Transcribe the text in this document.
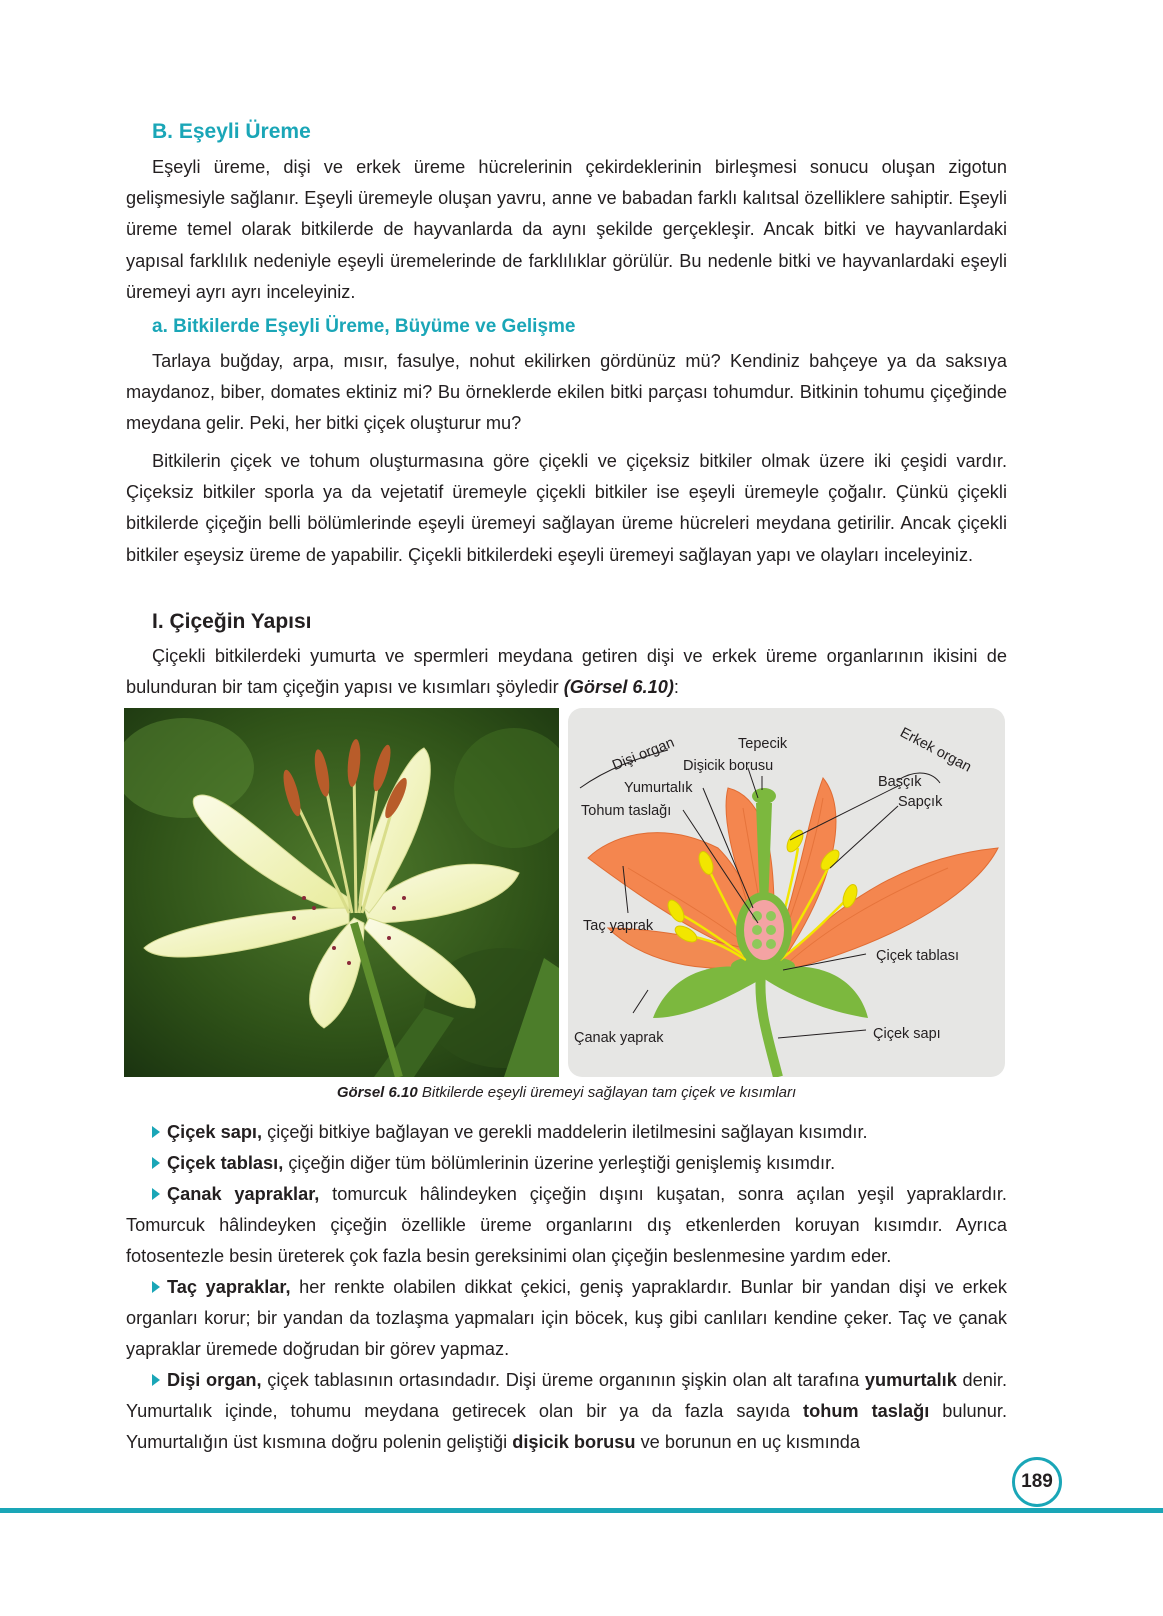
B. Eşeyli Üreme
Eşeyli üreme, dişi ve erkek üreme hücrelerinin çekirdeklerinin birleşmesi sonucu oluşan zigotun gelişmesiyle sağlanır. Eşeyli üremeyle oluşan yavru, anne ve babadan farklı kalıtsal özelliklere sahiptir. Eşeyli üreme temel olarak bitkilerde de hayvanlarda da aynı şekilde gerçekleşir. Ancak bitki ve hayvanlardaki yapısal farklılık nedeniyle eşeyli üremelerinde de farklılıklar görülür. Bu nedenle bitki ve hayvanlardaki eşeyli üremeyi ayrı ayrı inceleyiniz.
a. Bitkilerde Eşeyli Üreme, Büyüme ve Gelişme
Tarlaya buğday, arpa, mısır, fasulye, nohut ekilirken gördünüz mü? Kendiniz bahçeye ya da saksıya maydanoz, biber, domates ektiniz mi? Bu örneklerde ekilen bitki parçası tohumdur. Bitkinin tohumu çiçeğinde meydana gelir. Peki, her bitki çiçek oluşturur mu?
Bitkilerin çiçek ve tohum oluşturmasına göre çiçekli ve çiçeksiz bitkiler olmak üzere iki çeşidi vardır. Çiçeksiz bitkiler sporla ya da vejetatif üremeyle çiçekli bitkiler ise eşeyli üremeyle çoğalır. Çünkü çiçekli bitkilerde çiçeğin belli bölümlerinde eşeyli üremeyi sağlayan üreme hücreleri meydana getirilir. Ancak çiçekli bitkiler eşeysiz üreme de yapabilir. Çiçekli bitkilerdeki eşeyli üremeyi sağlayan yapı ve olayları inceleyiniz.
I. Çiçeğin Yapısı
Çiçekli bitkilerdeki yumurta ve spermleri meydana getiren dişi ve erkek üreme organlarının ikisini de bulunduran bir tam çiçeğin yapısı ve kısımları şöyledir (Görsel 6.10):
Dişi organ	Tepecik
Dişicik borusu
Yumurtalık
Tohum taslağı
Erkek organ
Başçık
Sapçık
Taç yaprak
Çiçek tablası
Çanak yaprak	Çiçek sapı
Görsel 6.10 Bitkilerde eşeyli üremeyi sağlayan tam çiçek ve kısımları
Çiçek sapı, çiçeği bitkiye bağlayan ve gerekli maddelerin iletilmesini sağlayan kısımdır.
Çiçek tablası, çiçeğin diğer tüm bölümlerinin üzerine yerleştiği genişlemiş kısımdır.
Çanak yapraklar, tomurcuk hâlindeyken çiçeğin dışını kuşatan, sonra açılan yeşil yapraklardır. Tomurcuk hâlindeyken çiçeğin özellikle üreme organlarını dış etkenlerden koruyan kısımdır. Ayrıca fotosentezle besin üreterek çok fazla besin gereksinimi olan çiçeğin beslenmesine yardım eder.
Taç yapraklar, her renkte olabilen dikkat çekici, geniş yapraklardır. Bunlar bir yandan dişi ve erkek organları korur; bir yandan da tozlaşma yapmaları için böcek, kuş gibi canlıları kendine çeker. Taç ve çanak yapraklar üremede doğrudan bir görev yapmaz.
Dişi organ, çiçek tablasının ortasındadır. Dişi üreme organının şişkin olan alt tarafına yumurtalık denir. Yumurtalık içinde, tohumu meydana getirecek olan bir ya da fazla sayıda tohum taslağı bulunur. Yumurtalığın üst kısmına doğru polenin geliştiği dişicik borusu ve borunun en uç kısmında
189
